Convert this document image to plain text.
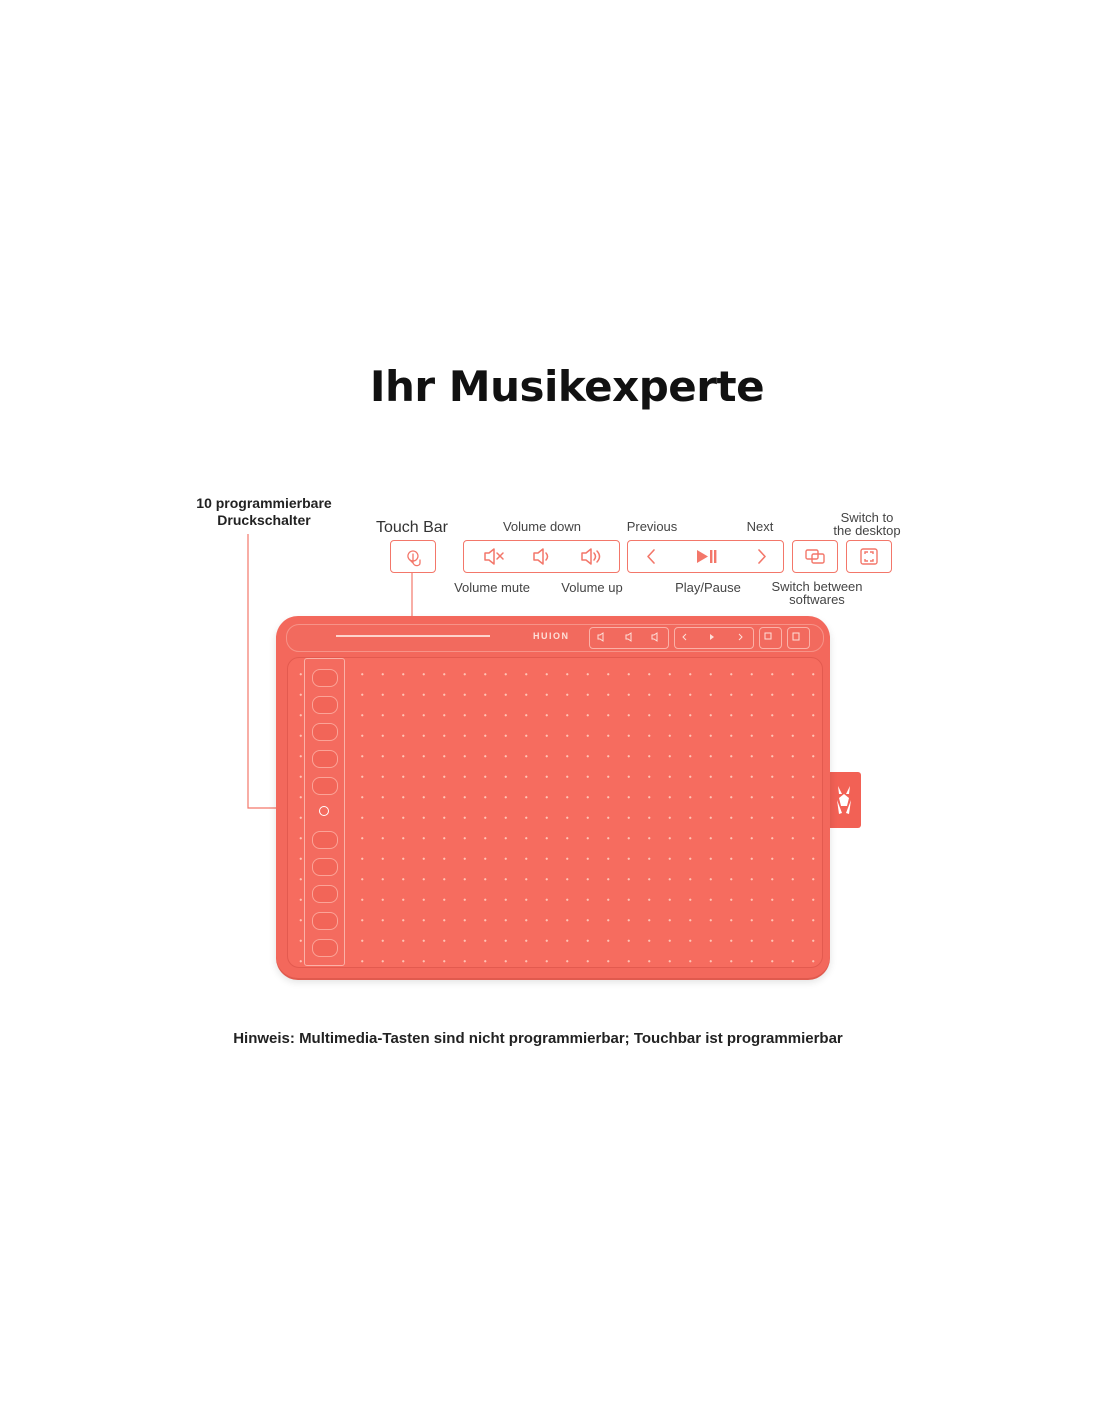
Ihr Musikexperte
10 programmierbare
Druckschalter	Touch Bar	Volume down
Volume mute	Volume up
Previous	Next
Play/Pause
Switch to
the desktop
Switch between
softwares
HUION
Hinweis: Multimedia-Tasten sind nicht programmierbar; Touchbar ist programmierbar
